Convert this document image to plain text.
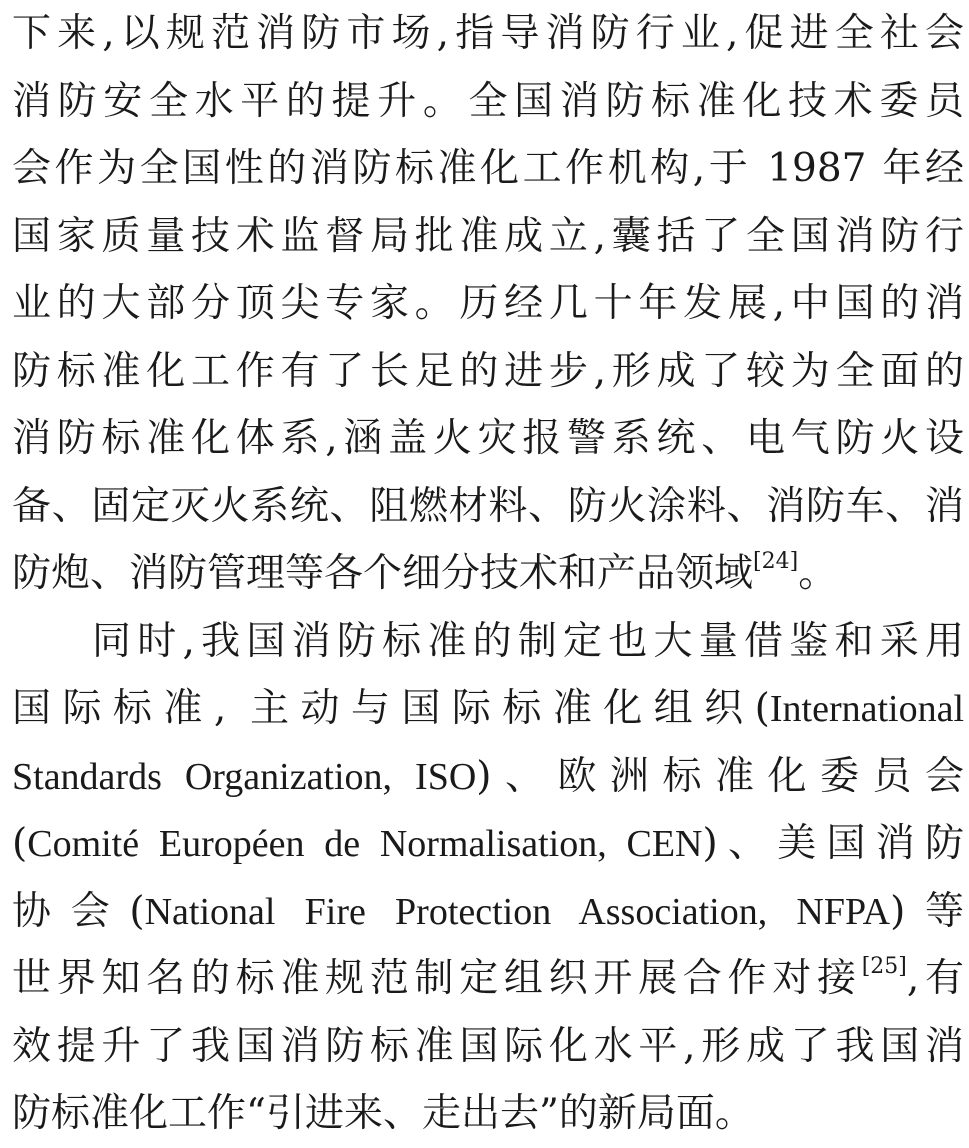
下来,以规范消防市场,指导消防行业,促进全社会
消防安全水平的提升。全国消防标准化技术委员
会作为全国性的消防标准化工作机构,于 1987 年经
国家质量技术监督局批准成立,囊括了全国消防行
业的大部分顶尖专家。历经几十年发展,中国的消
防标准化工作有了长足的进步,形成了较为全面的
消防标准化体系,涵盖火灾报警系统、电气防火设
备、固定灭火系统、阻燃材料、防火涂料、消防车、消
防炮、消防管理等各个细分技术和产品领域[24]。
同时,我国消防标准的制定也大量借鉴和采用
国际标准, 主动与国际标准化组织(International
Standards Organization, ISO)、欧洲标准化委员会
(Comité Européen de Normalisation, CEN)、美国消防
协会(National Fire Protection Association, NFPA)等
世界知名的标准规范制定组织开展合作对接[25],有
效提升了我国消防标准国际化水平,形成了我国消
防标准化工作“引进来、走出去”的新局面。
